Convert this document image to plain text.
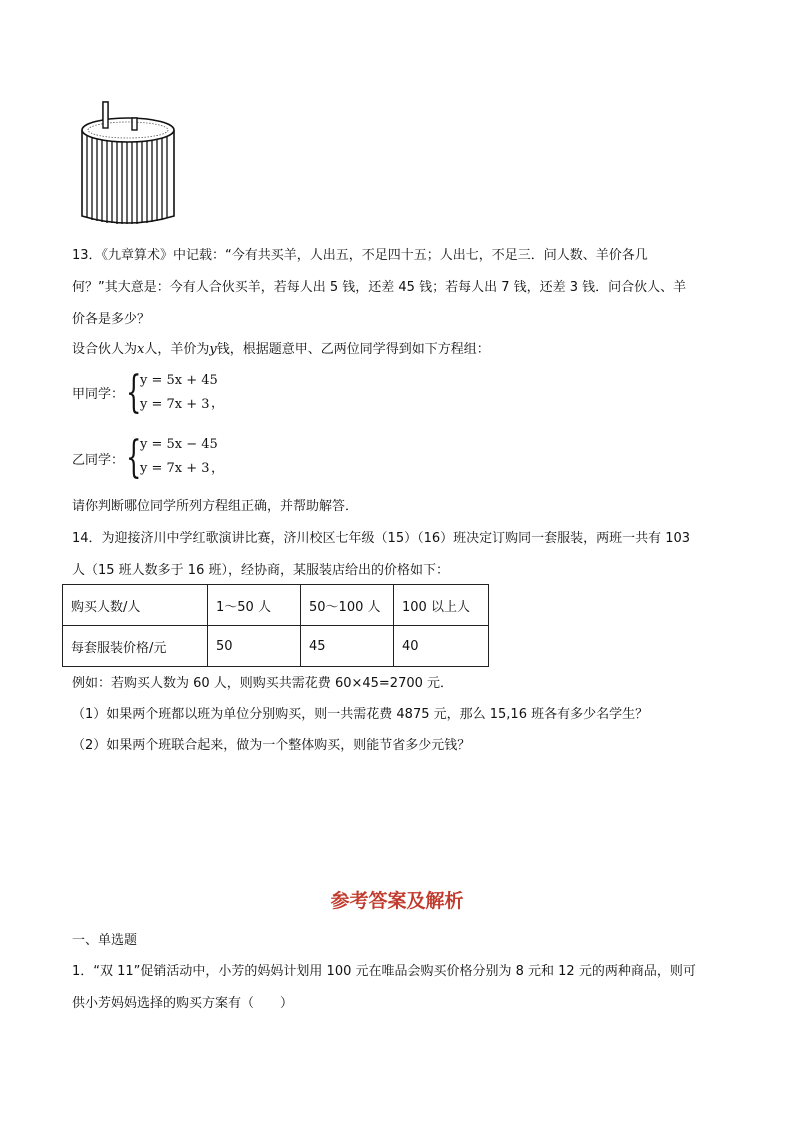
13．《九章算术》中记载：“今有共买羊，人出五，不足四十五；人出七，不足三．问人数、羊价各几
何？”其大意是：今有人合伙买羊，若每人出 5 钱，还差 45 钱；若每人出 7 钱，还差 3 钱．问合伙人、羊
价各是多少？
设合伙人为x人，羊价为y钱，根据题意甲、乙两位同学得到如下方程组：
甲同学： {
y = 5x + 45
y = 7x + 3 ，
乙同学： {
y = 5x − 45
y = 7x + 3 ，
请你判断哪位同学所列方程组正确，并帮助解答．
14．为迎接济川中学红歌演讲比赛，济川校区七年级（15）（16）班决定订购同一套服装，两班一共有 103
人（15 班人数多于 16 班），经协商，某服装店给出的价格如下：
购买人数/人	1～50 人	50～100 人	100 以上人
每套服装价格/元	50	45	40
例如：若购买人数为 60 人，则购买共需花费 60×45=2700 元．
（1）如果两个班都以班为单位分别购买，则一共需花费 4875 元，那么 15,16 班各有多少名学生？
（2）如果两个班联合起来，做为一个整体购买，则能节省多少元钱？
参考答案及解析
一、单选题
1．“双 11”促销活动中，小芳的妈妈计划用 100 元在唯品会购买价格分别为 8 元和 12 元的两种商品，则可
供小芳妈妈选择的购买方案有（　　）
